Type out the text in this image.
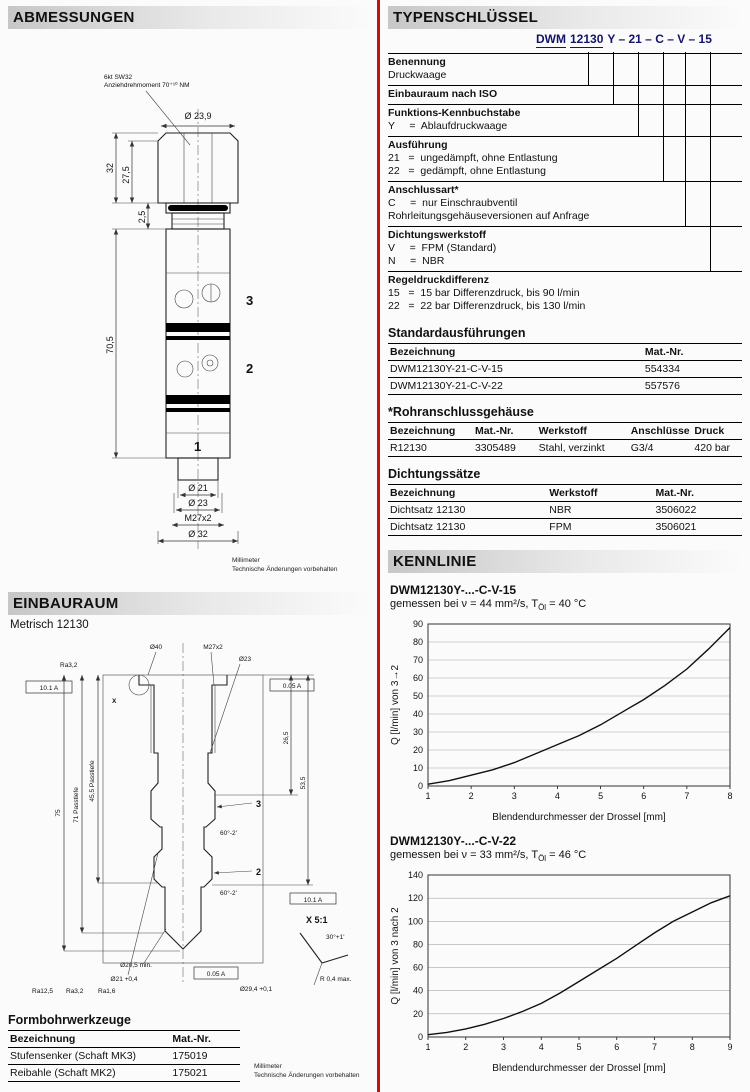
ABMESSUNGEN
6kt SW32
Anziehdrehmoment 70⁺¹⁰ NM
Ø 23,9
3
2
1
32 27,5
2,5
70,5
Ø 21
Ø 23
M27x2
Ø 32
Millimeter
Technische Änderungen vorbehalten
EINBAURAUM
Metrisch 12130
Ø40	M27x2
Ø23
10.1 A
Ra3,2
X
0.05 A
26,5
53,5
3
2
60°-2'
60°-2'
75 71 Passtiefe
45,5 Passtiefe
Ø20,5 min.
Ø21 +0,4
0.05 A
Ø29,4 +0,1
X 5:1
30°+1'
R 0,4 max.
10.1 A
Ra12,5 Ra3,2 Ra1,6
Formbohrwerkzeuge
Bezeichnung	Mat.-Nr.
Stufensenker (Schaft MK3)	175019
Reibahle (Schaft MK2)	175021
Millimeter
Technische Änderungen vorbehalten
TYPENSCHLÜSSEL
DWM 12130 Y – 21 – C – V – 15
Benennung
Druckwaage
Einbauraum nach ISO
Funktions-Kennbuchstabe
Y     =  Ablaufdruckwaage
Ausführung
21   =  ungedämpft, ohne Entlastung
22   =  gedämpft, ohne Entlastung
Anschlussart*
C     =  nur Einschraubventil
Rohrleitungsgehäuseversionen auf Anfrage
Dichtungswerkstoff
V     =  FPM (Standard)
N     =  NBR
Regeldruckdifferenz
15   =  15 bar Differenzdruck, bis 90 l/min
22   =  22 bar Differenzdruck, bis 130 l/min
Standardausführungen
Bezeichnung	Mat.-Nr.
DWM12130Y-21-C-V-15	554334
DWM12130Y-21-C-V-22	557576
*Rohranschlussgehäuse
Bezeichnung	Mat.-Nr.	Werkstoff	Anschlüsse	Druck
R12130	3305489	Stahl, verzinkt	G3/4	420 bar
Dichtungssätze
Bezeichnung	Werkstoff	Mat.-Nr.
Dichtsatz 12130	NBR	3506022
Dichtsatz 12130	FPM	3506021
KENNLINIE
DWM12130Y-...-C-V-15
gemessen bei ν = 44 mm²/s, $T_{Öl} = 40$ °C
0
10
20
30
40
50
60
70
80
90
1	2	3	4	5	6	7	8
Blendendurchmesser der Drossel [mm]
Q [l/min] von 3→2
DWM12130Y-...-C-V-22
gemessen bei ν = 33 mm²/s, $T_{Öl} = 46$ °C
0
20
40
60
80
100
120
140
1	2	3	4	5	6	7	8	9
Blendendurchmesser der Drossel [mm]
Q [l/min] von 3 nach 2
